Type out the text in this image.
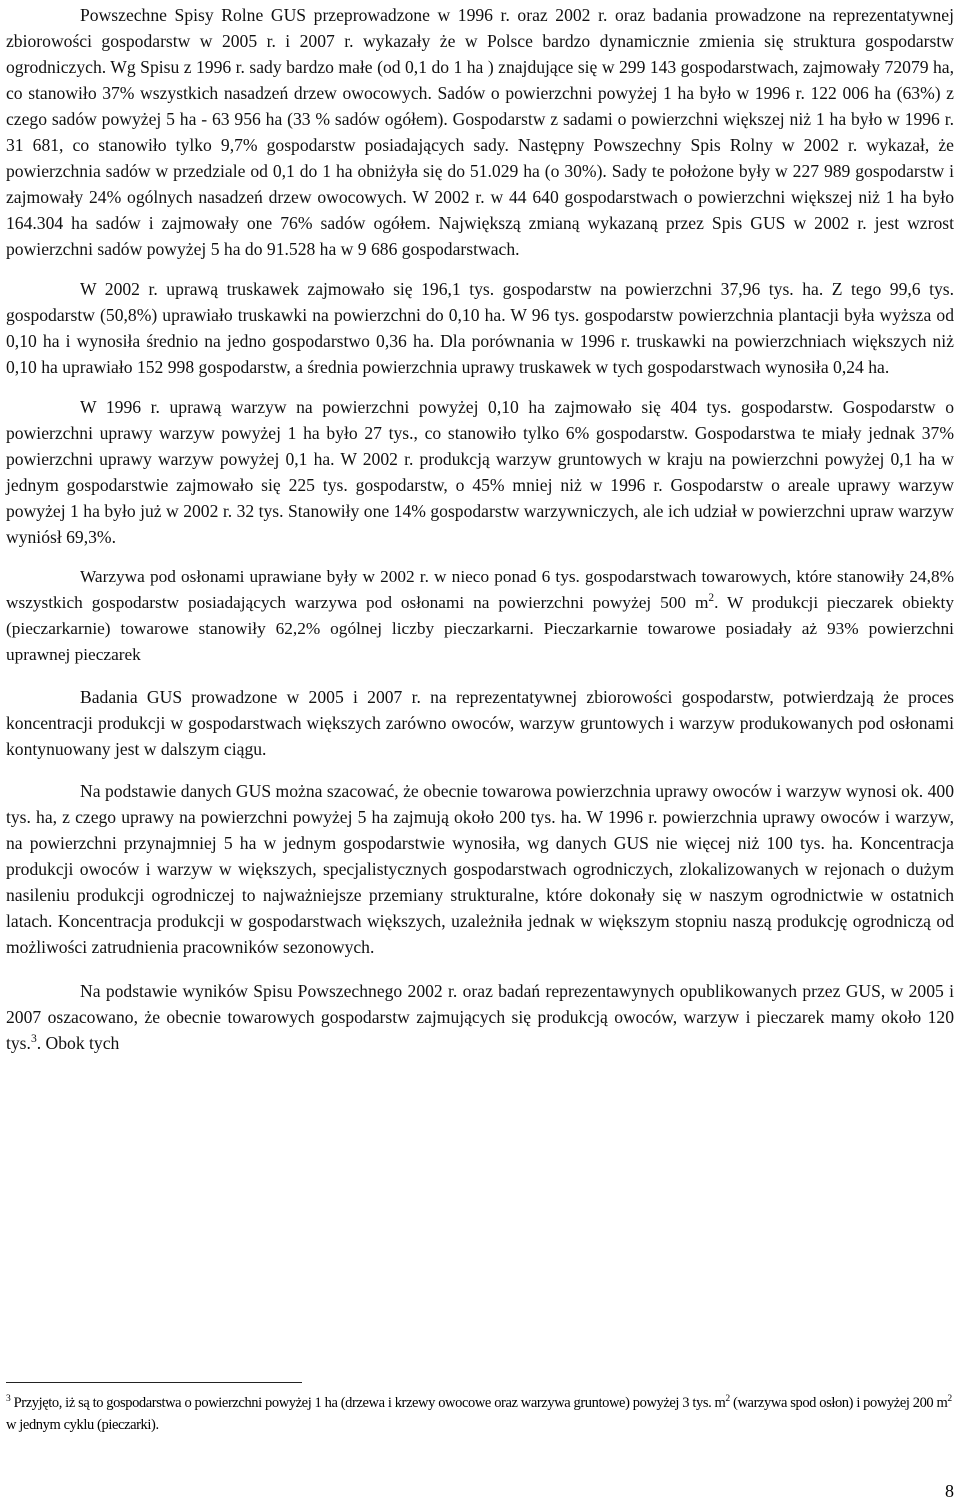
Powszechne Spisy Rolne GUS przeprowadzone w 1996 r. oraz 2002 r. oraz badania prowadzone na reprezentatywnej zbiorowości gospodarstw w 2005 r. i 2007 r. wykazały że w Polsce bardzo dynamicznie zmienia się struktura gospodarstw ogrodniczych. Wg Spisu z 1996 r. sady bardzo małe (od 0,1 do 1 ha ) znajdujące się w 299 143 gospodarstwach, zajmowały 72079 ha, co stanowiło 37% wszystkich nasadzeń drzew owocowych. Sadów o powierzchni powyżej 1 ha było w 1996 r. 122 006 ha (63%) z czego sadów powyżej 5 ha - 63 956 ha (33 % sadów ogółem). Gospodarstw z sadami o powierzchni większej niż 1 ha było w 1996 r. 31 681, co stanowiło tylko 9,7% gospodarstw posiadających sady. Następny Powszechny Spis Rolny w 2002 r. wykazał, że powierzchnia sadów w przedziale od 0,1 do 1 ha obniżyła się do 51.029 ha (o 30%). Sady te położone były w 227 989 gospodarstw i zajmowały 24% ogólnych nasadzeń drzew owocowych. W 2002 r. w 44 640 gospodarstwach o powierzchni większej niż 1 ha było 164.304 ha sadów i zajmowały one 76% sadów ogółem. Największą zmianą wykazaną przez Spis GUS w 2002 r. jest wzrost powierzchni sadów powyżej 5 ha do 91.528 ha w 9 686 gospodarstwach.

W 2002 r. uprawą truskawek zajmowało się 196,1 tys. gospodarstw na powierzchni 37,96 tys. ha. Z tego 99,6 tys. gospodarstw (50,8%) uprawiało truskawki na powierzchni do 0,10 ha. W 96 tys. gospodarstw powierzchnia plantacji była wyższa od 0,10 ha i wynosiła średnio na jedno gospodarstwo 0,36 ha. Dla porównania w 1996 r. truskawki na powierzchniach większych niż 0,10 ha uprawiało 152 998 gospodarstw, a średnia powierzchnia uprawy truskawek w tych gospodarstwach wynosiła 0,24 ha.

W 1996 r. uprawą warzyw na powierzchni powyżej 0,10 ha zajmowało się 404 tys. gospodarstw. Gospodarstw o powierzchni uprawy warzyw powyżej 1 ha było 27 tys., co stanowiło tylko 6% gospodarstw. Gospodarstwa te miały jednak 37% powierzchni uprawy warzyw powyżej 0,1 ha. W 2002 r. produkcją warzyw gruntowych w kraju na powierzchni powyżej 0,1 ha w jednym gospodarstwie zajmowało się 225 tys. gospodarstw, o 45% mniej niż w 1996 r. Gospodarstw o areale uprawy warzyw powyżej 1 ha było już w 2002 r. 32 tys. Stanowiły one 14% gospodarstw warzywniczych, ale ich udział w powierzchni upraw warzyw wyniósł 69,3%.

Warzywa pod osłonami uprawiane były w 2002 r. w nieco ponad 6 tys. gospodarstwach towarowych, które stanowiły 24,8% wszystkich gospodarstw posiadających warzywa pod osłonami na powierzchni powyżej 500 $m^2$. W produkcji pieczarek obiekty (pieczarkarnie) towarowe stanowiły 62,2% ogólnej liczby pieczarkarni. Pieczarkarnie towarowe posiadały aż 93% powierzchni uprawnej pieczarek

Badania GUS prowadzone w 2005 i 2007 r. na reprezentatywnej zbiorowości gospodarstw, potwierdzają że proces koncentracji produkcji w gospodarstwach większych zarówno owoców, warzyw gruntowych i warzyw produkowanych pod osłonami kontynuowany jest w dalszym ciągu.

Na podstawie danych GUS można szacować, że obecnie towarowa powierzchnia uprawy owoców i warzyw wynosi ok. 400 tys. ha, z czego uprawy na powierzchni powyżej 5 ha zajmują około 200 tys. ha. W 1996 r. powierzchnia uprawy owoców i warzyw, na powierzchni przynajmniej 5 ha w jednym gospodarstwie wynosiła, wg danych GUS nie więcej niż 100 tys. ha. Koncentracja produkcji owoców i warzyw w większych, specjalistycznych gospodarstwach ogrodniczych, zlokalizowanych w rejonach o dużym nasileniu produkcji ogrodniczej to najważniejsze przemiany strukturalne, które dokonały się w naszym ogrodnictwie w ostatnich latach. Koncentracja produkcji w gospodarstwach większych, uzależniła jednak w większym stopniu naszą produkcję ogrodniczą od możliwości zatrudnienia pracowników sezonowych.

Na podstawie wyników Spisu Powszechnego 2002 r. oraz badań reprezentawynych opublikowanych przez GUS, w 2005 i 2007 oszacowano, że obecnie towarowych gospodarstw zajmujących się produkcją owoców, warzyw i pieczarek mamy około 120 tys.$^3$. Obok tych

$^3$ Przyjęto, iż są to gospodarstwa o powierzchni powyżej 1 ha (drzewa i krzewy owocowe oraz warzywa gruntowe) powyżej 3 tys. $m^2$ (warzywa spod osłon) i powyżej 200 $m^2$ w jednym cyklu (pieczarki).

8
